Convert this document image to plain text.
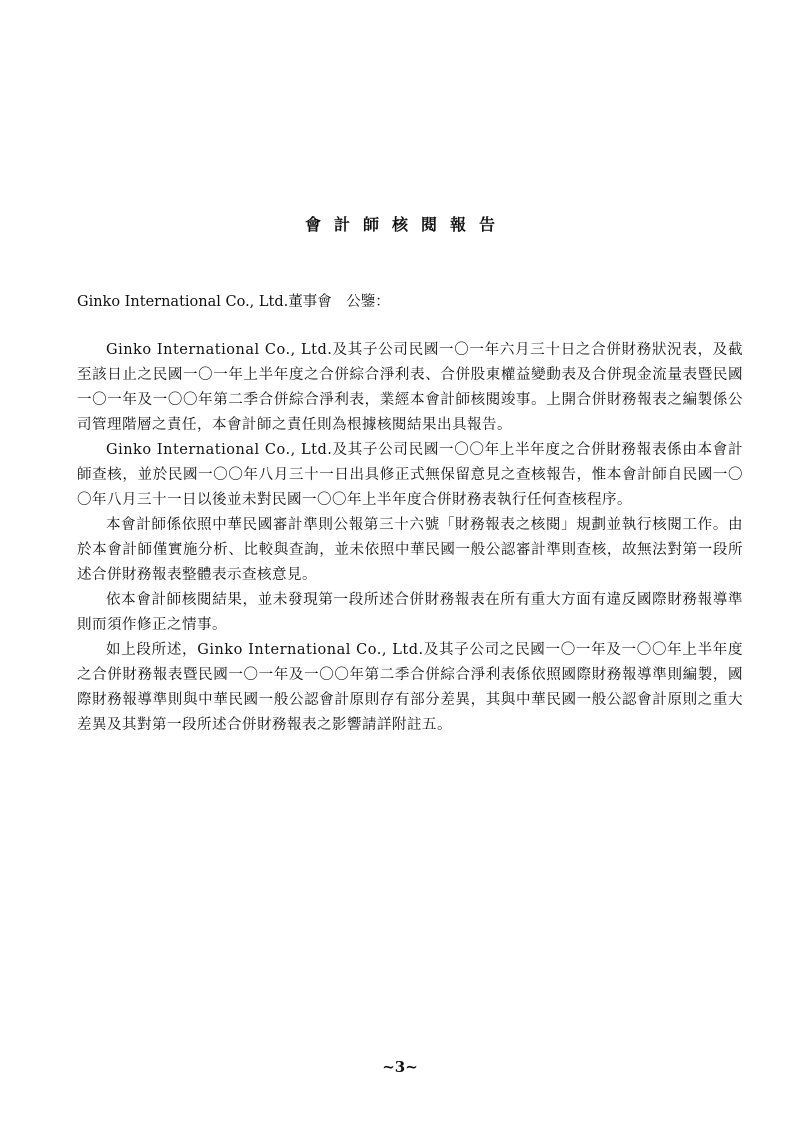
會計師核閱報告
Ginko International Co., Ltd.董事會　公鑒：

Ginko International Co., Ltd.及其子公司民國一〇一年六月三十日之合併財務狀況表，及截至該日止之民國一〇一年上半年度之合併綜合淨利表、合併股東權益變動表及合併現金流量表暨民國一〇一年及一〇〇年第二季合併綜合淨利表，業經本會計師核閱竣事。上開合併財務報表之編製係公司管理階層之責任，本會計師之責任則為根據核閱結果出具報告。

Ginko International Co., Ltd.及其子公司民國一〇〇年上半年度之合併財務報表係由本會計師查核，並於民國一〇〇年八月三十一日出具修正式無保留意見之查核報告，惟本會計師自民國一〇〇年八月三十一日以後並未對民國一〇〇年上半年度合併財務表執行任何查核程序。

本會計師係依照中華民國審計準則公報第三十六號「財務報表之核閱」規劃並執行核閱工作。由於本會計師僅實施分析、比較與查詢，並未依照中華民國一般公認審計準則查核，故無法對第一段所述合併財務報表整體表示查核意見。

依本會計師核閱結果，並未發現第一段所述合併財務報表在所有重大方面有違反國際財務報導準則而須作修正之情事。

如上段所述，Ginko International Co., Ltd.及其子公司之民國一〇一年及一〇〇年上半年度之合併財務報表暨民國一〇一年及一〇〇年第二季合併綜合淨利表係依照國際財務報導準則編製，國際財務報導準則與中華民國一般公認會計原則存有部分差異，其與中華民國一般公認會計原則之重大差異及其對第一段所述合併財務報表之影響請詳附註五。

~3~
